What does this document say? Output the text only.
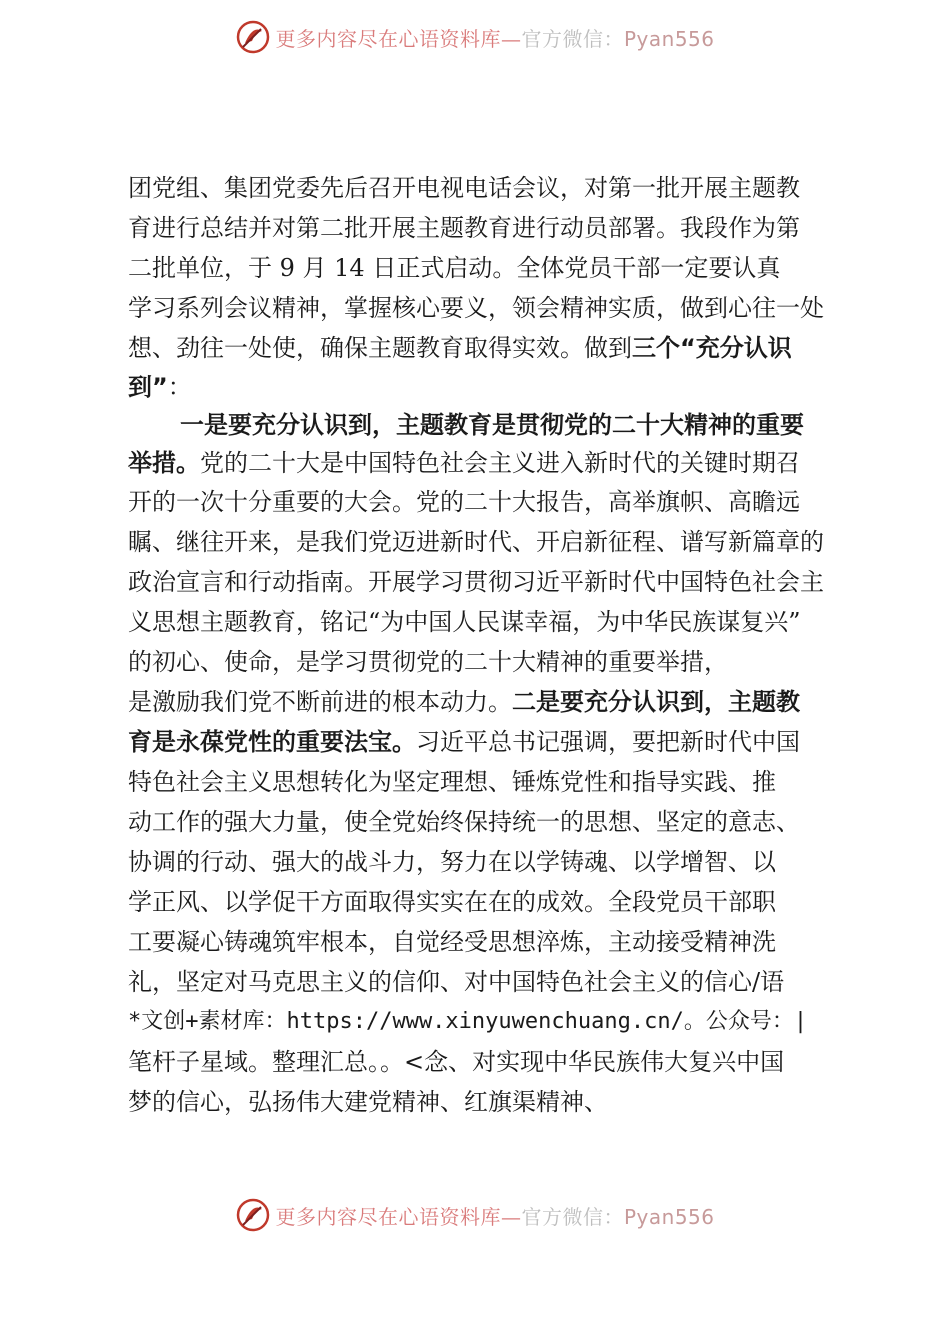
更多内容尽在心语资料库—官方微信：Pyan556
团党组、集团党委先后召开电视电话会议，对第一批开展主题教
育进行总结并对第二批开展主题教育进行动员部署。我段作为第
二批单位，于 9 月 14 日正式启动。全体党员干部一定要认真
学习系列会议精神，掌握核心要义，领会精神实质，做到心往一处
想、劲往一处使，确保主题教育取得实效。做到三个“充分认识
到”：
一是要充分认识到，主题教育是贯彻党的二十大精神的重要
举措。党的二十大是中国特色社会主义进入新时代的关键时期召
开的一次十分重要的大会。党的二十大报告，高举旗帜、高瞻远
瞩、继往开来，是我们党迈进新时代、开启新征程、谱写新篇章的
政治宣言和行动指南。开展学习贯彻习近平新时代中国特色社会主
义思想主题教育，铭记“为中国人民谋幸福，为中华民族谋复兴”
的初心、使命，是学习贯彻党的二十大精神的重要举措，
是激励我们党不断前进的根本动力。二是要充分认识到，主题教
育是永葆党性的重要法宝。习近平总书记强调，要把新时代中国
特色社会主义思想转化为坚定理想、锤炼党性和指导实践、推
动工作的强大力量，使全党始终保持统一的思想、坚定的意志、
协调的行动、强大的战斗力，努力在以学铸魂、以学增智、以
学正风、以学促干方面取得实实在在的成效。全段党员干部职
工要凝心铸魂筑牢根本，自觉经受思想淬炼，主动接受精神洗
礼，坚定对马克思主义的信仰、对中国特色社会主义的信心/语
*文创+素材库：https://www.xinyuwenchuang.cn/。公众号：|
笔杆子星域。整理汇总。。<念、对实现中华民族伟大复兴中国
梦的信心，弘扬伟大建党精神、红旗渠精神、
更多内容尽在心语资料库—官方微信：Pyan556
